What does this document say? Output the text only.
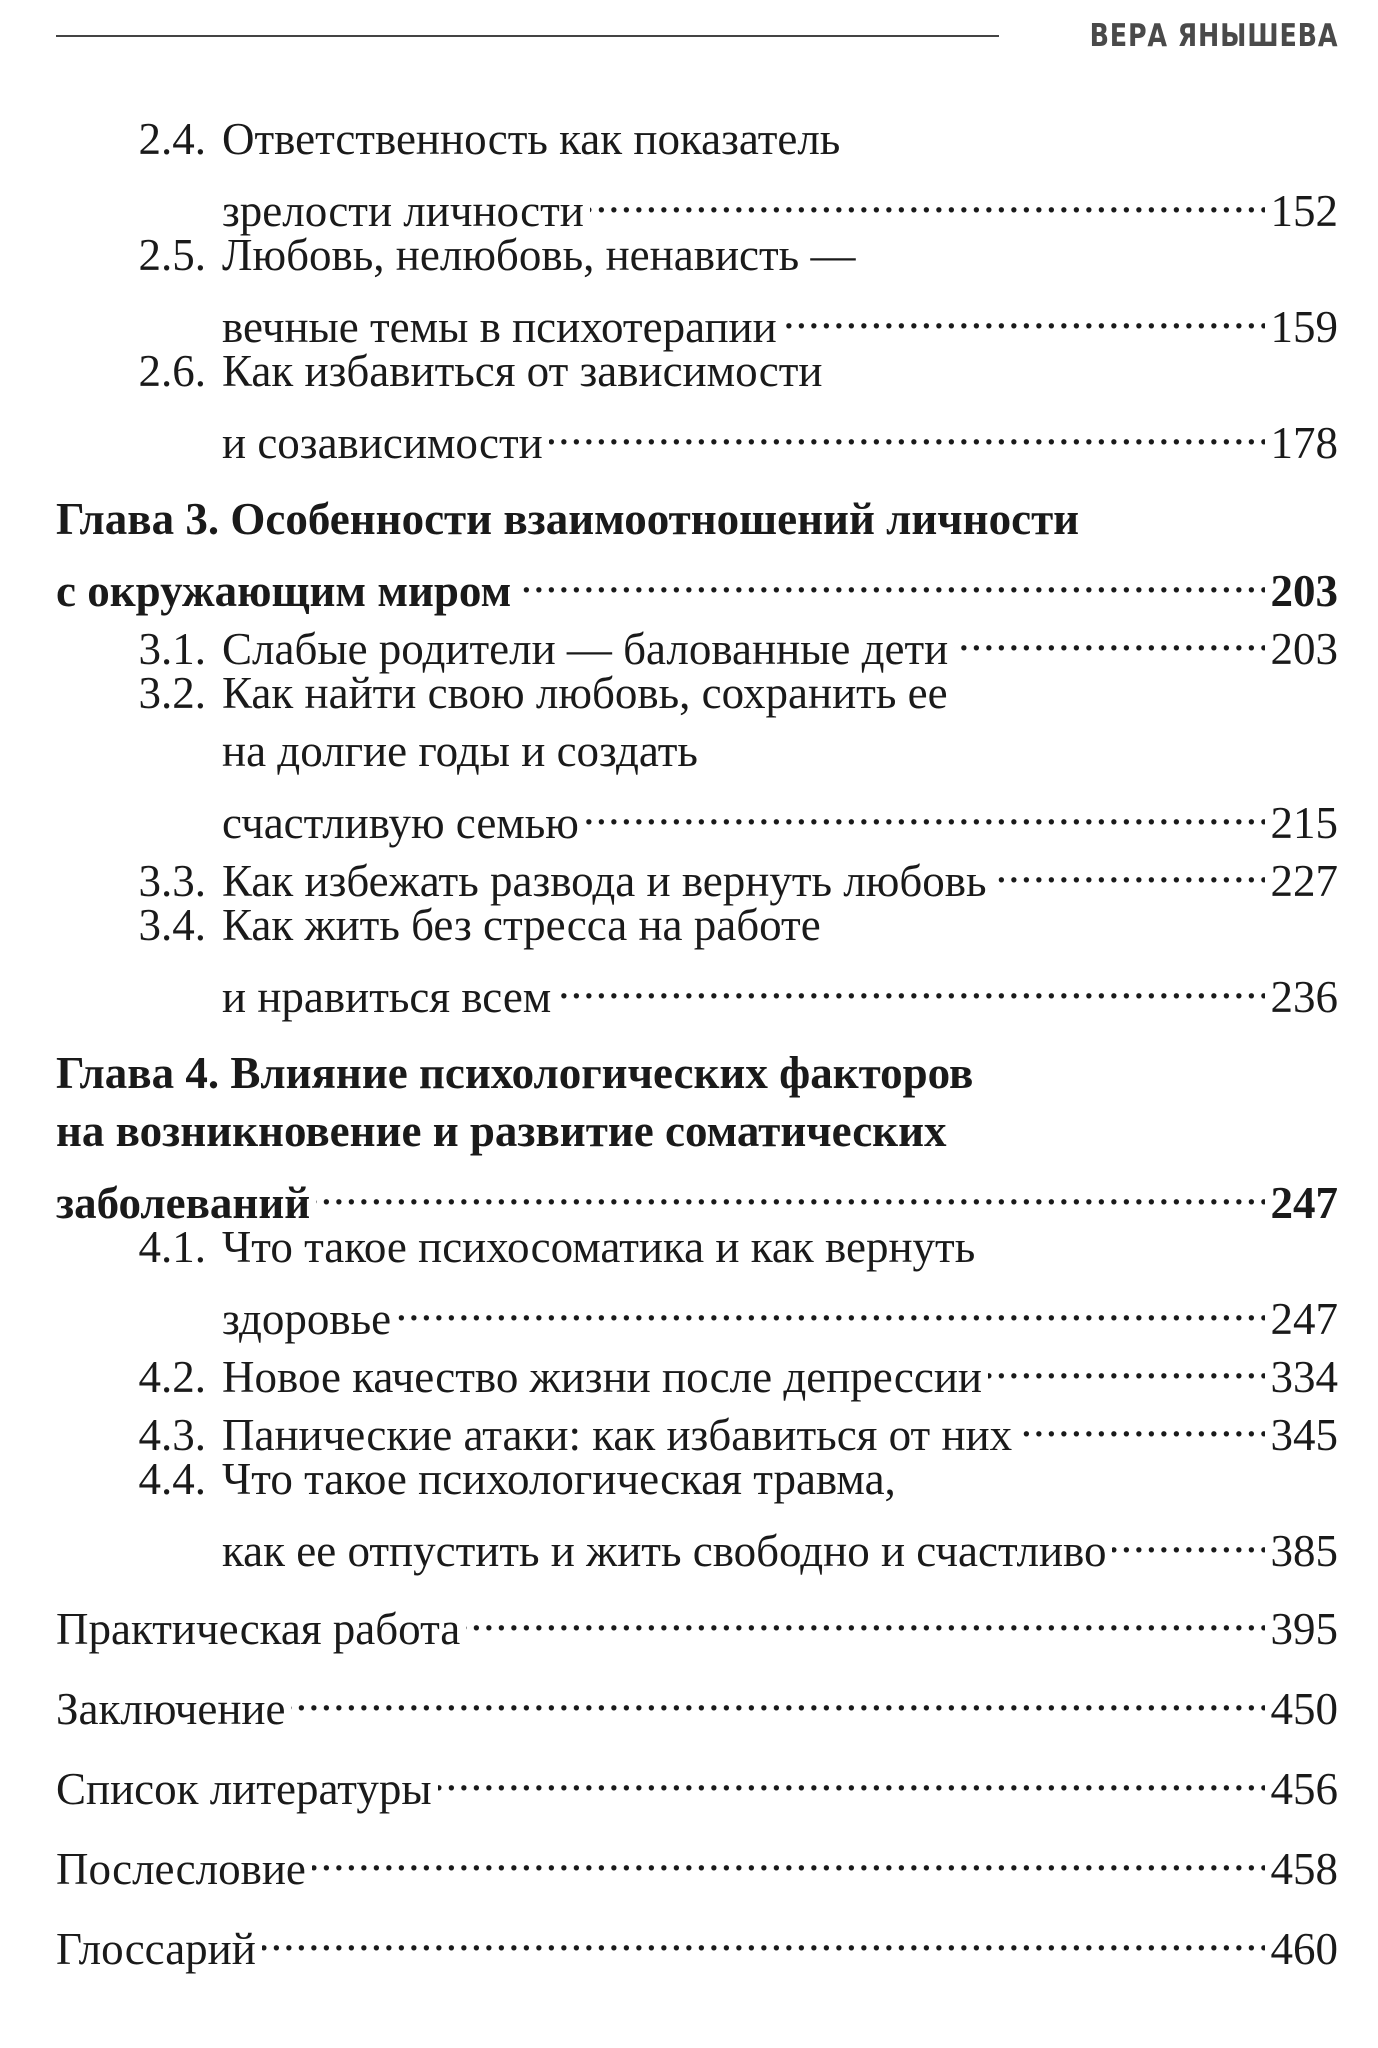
ВЕРА ЯНЫШЕВА
2.4. Ответственность как показатель
зрелости личности . . .	152
2.5. Любовь, нелюбовь, ненависть —
вечные темы в психотерапии . . .	159
2.6. Как избавиться от зависимости
и созависимости . . .	178
Глава 3. Особенности взаимоотношений личности
с окружающим миром . . .	203
3.1. Слабые родители — балованные дети . . .	203
3.2. Как найти свою любовь, сохранить ее
на долгие годы и создать
счастливую семью . . .	215
3.3. Как избежать развода и вернуть любовь . . .	227
3.4. Как жить без стресса на работе
и нравиться всем . . .	236
Глава 4. Влияние психологических факторов
на возникновение и развитие соматических
заболеваний . . .	247
4.1. Что такое психосоматика и как вернуть
здоровье . . .	247
4.2. Новое качество жизни после депрессии . . .	334
4.3. Панические атаки: как избавиться от них . . .	345
4.4. Что такое психологическая травма,
как ее отпустить и жить свободно и счастливо . . .	385
Практическая работа . . .	395
Заключение . . .	450
Список литературы . . .	456
Послесловие . . .	458
Глоссарий . . .	460
